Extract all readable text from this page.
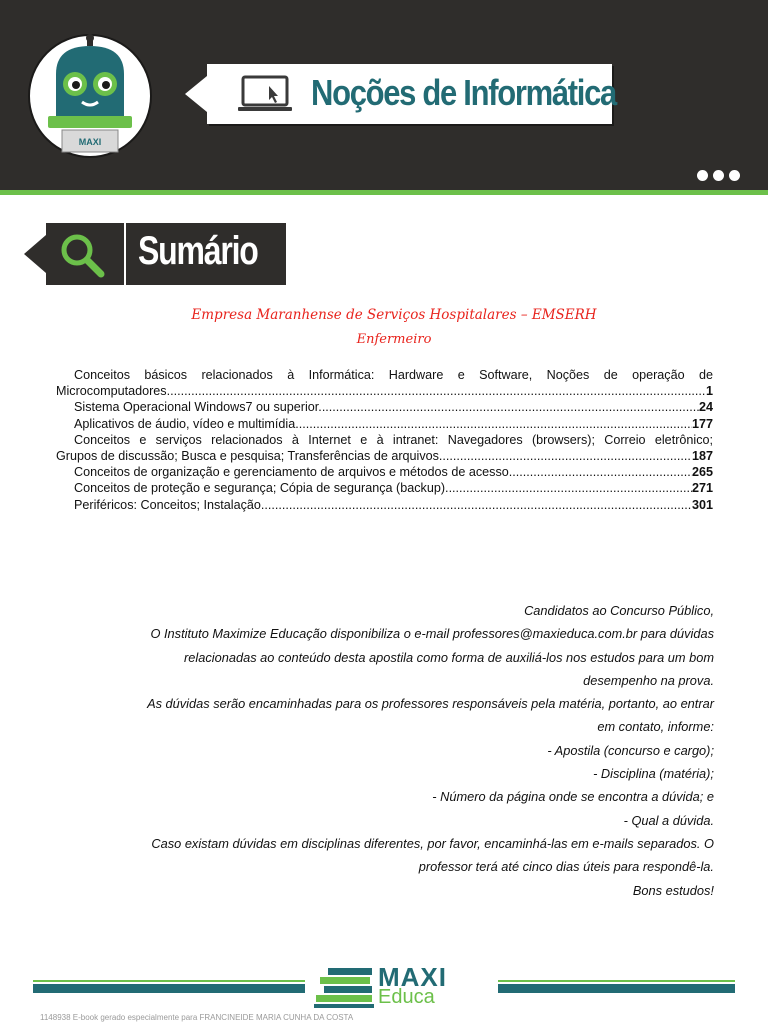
MAXI
Noções de Informática
Sumário
Empresa Maranhense de Serviços Hospitalares – EMSERH
Enfermeiro
Conceitos básicos relacionados à Informática: Hardware e Software, Noções de operação de
Microcomputadores. .....	1
Sistema Operacional Windows7 ou superior. .....	24
Aplicativos de áudio, vídeo e multimídia. .....	177
Conceitos e serviços relacionados à Internet e à intranet: Navegadores (browsers); Correio eletrônico;
Grupos de discussão; Busca e pesquisa; Transferências de arquivos. .....	187
Conceitos de organização e gerenciamento de arquivos e métodos de acesso. .....	265
Conceitos de proteção e segurança; Cópia de segurança (backup). .....	271
Periféricos: Conceitos; Instalação. .....	301
Candidatos ao Concurso Público,
O Instituto Maximize Educação disponibiliza o e-mail professores@maxieduca.com.br para dúvidas
relacionadas ao conteúdo desta apostila como forma de auxiliá-los nos estudos para um bom
desempenho na prova.
As dúvidas serão encaminhadas para os professores responsáveis pela matéria, portanto, ao entrar
em contato, informe:
- Apostila (concurso e cargo);
- Disciplina (matéria);
- Número da página onde se encontra a dúvida; e
- Qual a dúvida.
Caso existam dúvidas em disciplinas diferentes, por favor, encaminhá-las em e-mails separados. O
professor terá até cinco dias úteis para respondê-la.
Bons estudos!
MAXI
Educa
1148938 E-book gerado especialmente para FRANCINEIDE MARIA CUNHA DA COSTA
